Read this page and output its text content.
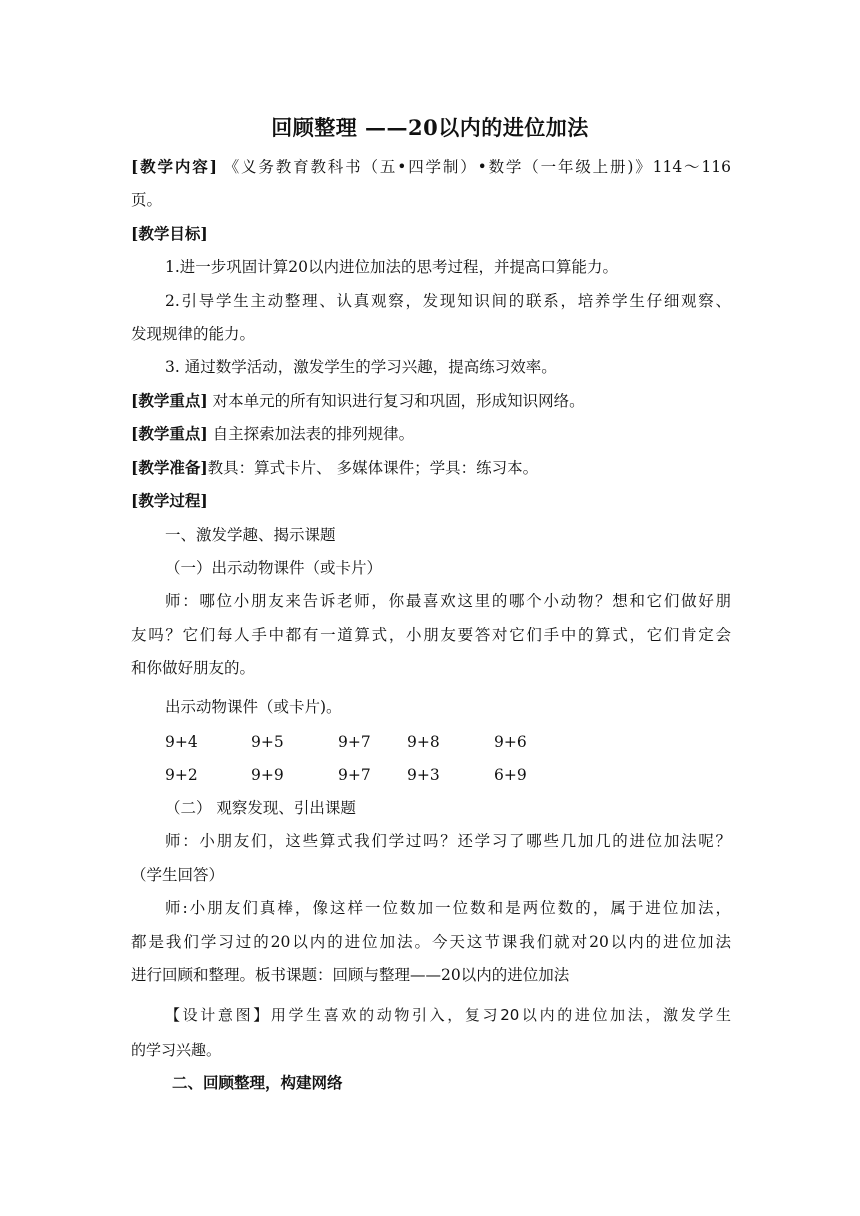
回顾整理 ——20以内的进位加法
[教学内容] 《义务教育教科书（五•四学制）•数学（一年级上册)》114～116
页。
[教学目标]
1.进一步巩固计算20以内进位加法的思考过程，并提高口算能力。
2.引导学生主动整理、认真观察，发现知识间的联系，培养学生仔细观察、
发现规律的能力。
3. 通过数学活动，激发学生的学习兴趣，提高练习效率。
[教学重点] 对本单元的所有知识进行复习和巩固，形成知识网络。
[教学重点] 自主探索加法表的排列规律。
[教学准备]教具：算式卡片、 多媒体课件；学具：练习本。
[教学过程]
一、激发学趣、揭示课题
（一）出示动物课件（或卡片）
师：哪位小朋友来告诉老师，你最喜欢这里的哪个小动物？想和它们做好朋
友吗？它们每人手中都有一道算式，小朋友要答对它们手中的算式，它们肯定会
和你做好朋友的。
出示动物课件（或卡片)。
9+4	9+5	9+7 9+8	9+6
9+2	9+9	9+7 9+3	6+9
（二） 观察发现、引出课题
师：小朋友们，这些算式我们学过吗？还学习了哪些几加几的进位加法呢？
（学生回答）
师:小朋友们真棒，像这样一位数加一位数和是两位数的，属于进位加法，
都是我们学习过的20以内的进位加法。今天这节课我们就对20以内的进位加法
进行回顾和整理。板书课题：回顾与整理——20以内的进位加法
【设计意图】用学生喜欢的动物引入，复习20以内的进位加法，激发学生
的学习兴趣。
二、回顾整理，构建网络
